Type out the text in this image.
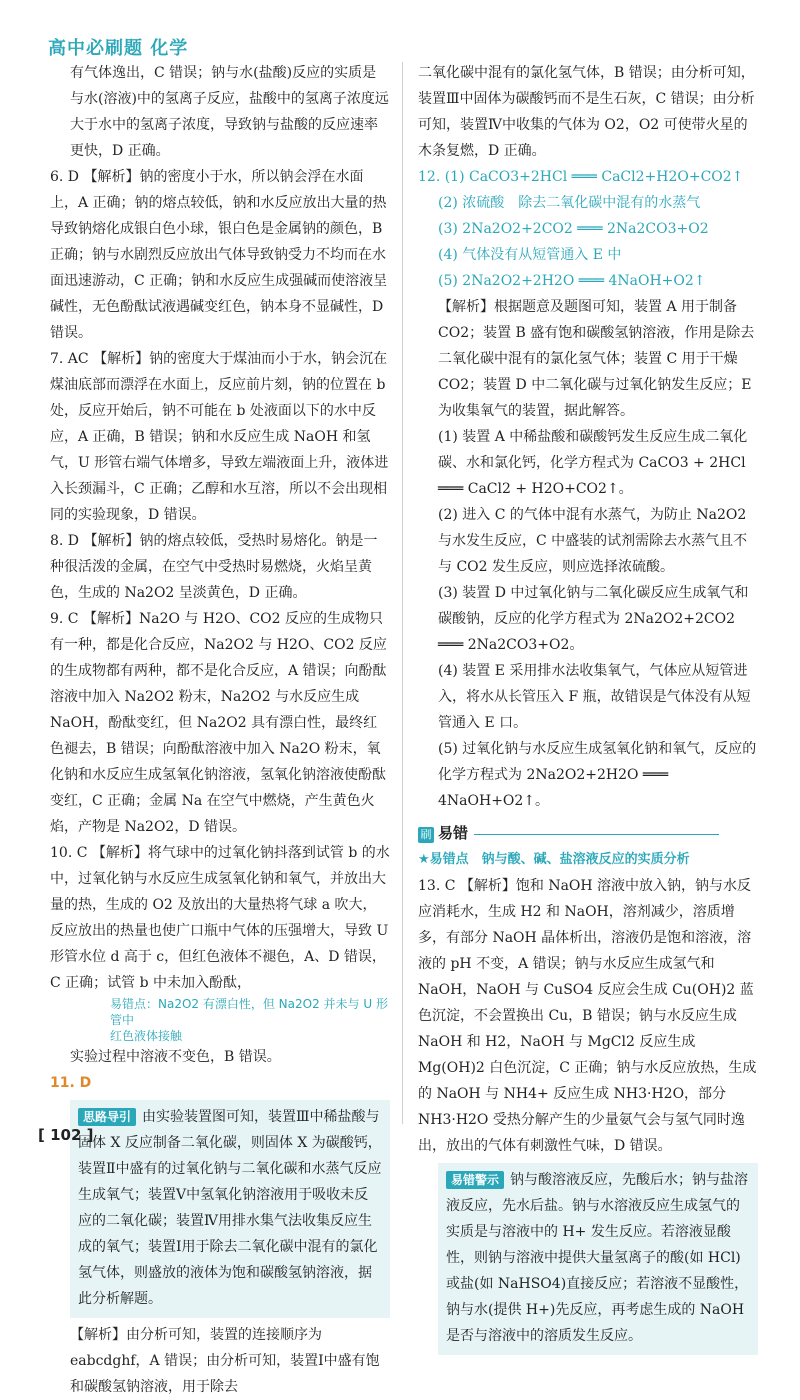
高中必刷题 化学

有气体逸出，C 错误；钠与水(盐酸)反应的实质是与水(溶液)中的氢离子反应，盐酸中的氢离子浓度远大于水中的氢离子浓度，导致钠与盐酸的反应速率更快，D 正确。

6. D 【解析】钠的密度小于水，所以钠会浮在水面上，A 正确；钠的熔点较低，钠和水反应放出大量的热导致钠熔化成银白色小球，银白色是金属钠的颜色，B 正确；钠与水剧烈反应放出气体导致钠受力不均而在水面迅速游动，C 正确；钠和水反应生成强碱而使溶液呈碱性，无色酚酞试液遇碱变红色，钠本身不显碱性，D 错误。

7. AC 【解析】钠的密度大于煤油而小于水，钠会沉在煤油底部而漂浮在水面上，反应前片刻，钠的位置在 b 处，反应开始后，钠不可能在 b 处液面以下的水中反应，A 正确，B 错误；钠和水反应生成 NaOH 和氢气，U 形管右端气体增多，导致左端液面上升，液体进入长颈漏斗，C 正确；乙醇和水互溶，所以不会出现相同的实验现象，D 错误。

8. D 【解析】钠的熔点较低，受热时易熔化。钠是一种很活泼的金属，在空气中受热时易燃烧，火焰呈黄色，生成的 Na2O2 呈淡黄色，D 正确。

9. C 【解析】Na2O 与 H2O、CO2 反应的生成物只有一种，都是化合反应，Na2O2 与 H2O、CO2 反应的生成物都有两种，都不是化合反应，A 错误；向酚酞溶液中加入 Na2O2 粉末，Na2O2 与水反应生成 NaOH，酚酞变红，但 Na2O2 具有漂白性，最终红色褪去，B 错误；向酚酞溶液中加入 Na2O 粉末，氧化钠和水反应生成氢氧化钠溶液，氢氧化钠溶液使酚酞变红，C 正确；金属 Na 在空气中燃烧，产生黄色火焰，产物是 Na2O2，D 错误。

10. C 【解析】将气球中的过氧化钠抖落到试管 b 的水中，过氧化钠与水反应生成氢氧化钠和氧气，并放出大量的热，生成的 O2 及放出的大量热将气球 a 吹大，反应放出的热量也使广口瓶中气体的压强增大，导致 U 形管水位 d 高于 c，但红色液体不褪色，A、D 错误，C 正确；试管 b 中未加入酚酞，

易错点：Na2O2 有漂白性，但 Na2O2 并未与 U 形管中

红色液体接触

实验过程中溶液不变色，B 错误。

11. D

思路导引 由实验装置图可知，装置Ⅲ中稀盐酸与固体 X 反应制备二氧化碳，则固体 X 为碳酸钙，装置Ⅱ中盛有的过氧化钠与二氧化碳和水蒸气反应生成氧气；装置Ⅴ中氢氧化钠溶液用于吸收未反应的二氧化碳；装置Ⅳ用排水集气法收集反应生成的氧气；装置Ⅰ用于除去二氧化碳中混有的氯化氢气体，则盛放的液体为饱和碳酸氢钠溶液，据此分析解题。

【解析】由分析可知，装置的连接顺序为 eabcdghf，A 错误；由分析可知，装置Ⅰ中盛有饱和碳酸氢钠溶液，用于除去

二氧化碳中混有的氯化氢气体，B 错误；由分析可知，装置Ⅲ中固体为碳酸钙而不是生石灰，C 错误；由分析可知，装置Ⅳ中收集的气体为 O2，O2 可使带火星的木条复燃，D 正确。

12. (1) CaCO3+2HCl ═══ CaCl2+H2O+CO2↑

(2) 浓硫酸　除去二氧化碳中混有的水蒸气

(3) 2Na2O2+2CO2 ═══ 2Na2CO3+O2

(4) 气体没有从短管通入 E 中

(5) 2Na2O2+2H2O ═══ 4NaOH+O2↑

【解析】根据题意及题图可知，装置 A 用于制备 CO2；装置 B 盛有饱和碳酸氢钠溶液，作用是除去二氧化碳中混有的氯化氢气体；装置 C 用于干燥 CO2；装置 D 中二氧化碳与过氧化钠发生反应；E 为收集氧气的装置，据此解答。

(1) 装置 A 中稀盐酸和碳酸钙发生反应生成二氧化碳、水和氯化钙，化学方程式为 CaCO3 + 2HCl ═══ CaCl2 + H2O+CO2↑。

(2) 进入 C 的气体中混有水蒸气，为防止 Na2O2 与水发生反应，C 中盛装的试剂需除去水蒸气且不与 CO2 发生反应，则应选择浓硫酸。

(3) 装置 D 中过氧化钠与二氧化碳反应生成氧气和碳酸钠，反应的化学方程式为 2Na2O2+2CO2 ═══ 2Na2CO3+O2。

(4) 装置 E 采用排水法收集氧气，气体应从短管进入，将水从长管压入 F 瓶，故错误是气体没有从短管通入 E 口。

(5) 过氧化钠与水反应生成氢氧化钠和氧气，反应的化学方程式为 2Na2O2+2H2O ═══ 4NaOH+O2↑。

刷 易错

★易错点　钠与酸、碱、盐溶液反应的实质分析

13. C 【解析】饱和 NaOH 溶液中放入钠，钠与水反应消耗水，生成 H2 和 NaOH，溶剂减少，溶质增多，有部分 NaOH 晶体析出，溶液仍是饱和溶液，溶液的 pH 不变，A 错误；钠与水反应生成氢气和 NaOH，NaOH 与 CuSO4 反应会生成 Cu(OH)2 蓝色沉淀，不会置换出 Cu，B 错误；钠与水反应生成 NaOH 和 H2，NaOH 与 MgCl2 反应生成 Mg(OH)2 白色沉淀，C 正确；钠与水反应放热，生成的 NaOH 与 NH4+ 反应生成 NH3·H2O，部分 NH3·H2O 受热分解产生的少量氨气会与氢气同时逸出，放出的气体有刺激性气味，D 错误。

易错警示 钠与酸溶液反应，先酸后水；钠与盐溶液反应，先水后盐。钠与水溶液反应生成氢气的实质是与溶液中的 H+ 发生反应。若溶液显酸性，则钠与溶液中提供大量氢离子的酸(如 HCl)或盐(如 NaHSO4)直接反应；若溶液不显酸性，钠与水(提供 H+)先反应，再考虑生成的 NaOH 是否与溶液中的溶质发生反应。
[ 102 ]
